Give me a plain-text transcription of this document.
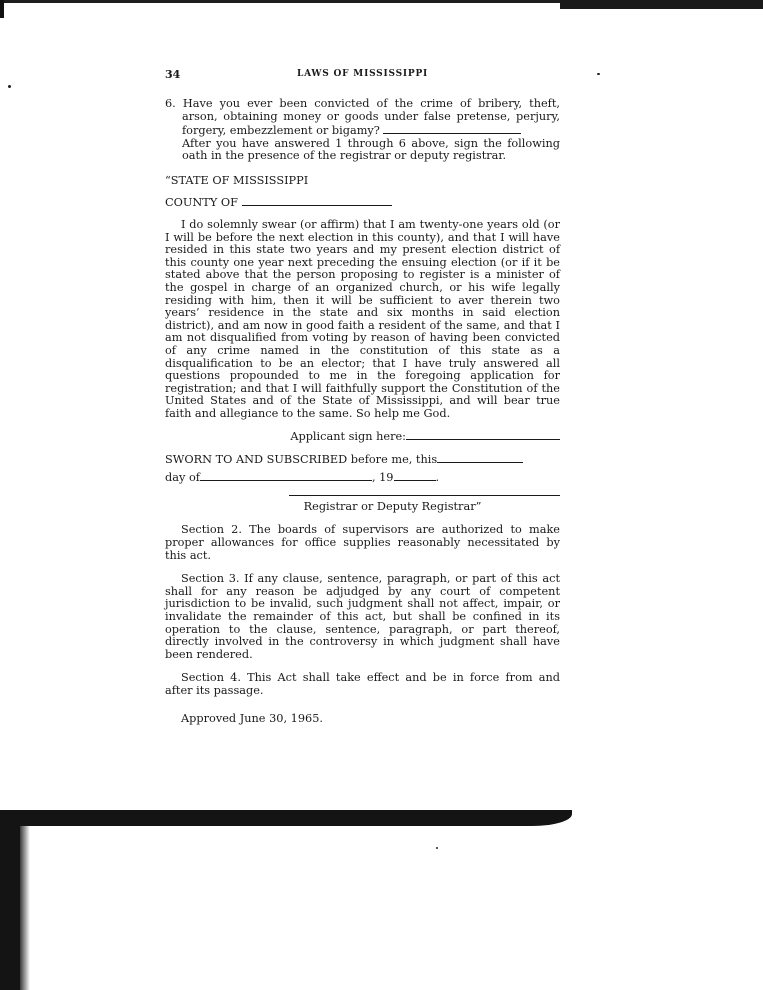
34	LAWS OF MISSISSIPPI

6. Have you ever been convicted of the crime of bribery, theft, arson, obtaining money or goods under false pretense, perjury, forgery, embezzlement or bigamy?

After you have answered 1 through 6 above, sign the following oath in the presence of the registrar or deputy registrar.

“STATE OF MISSISSIPPI

COUNTY OF

I do solemnly swear (or affirm) that I am twenty-one years old (or I will be before the next election in this county), and that I will have resided in this state two years and my present election district of this county one year next preceding the ensuing election (or if it be stated above that the person proposing to register is a minister of the gospel in charge of an organized church, or his wife legally residing with him, then it will be sufficient to aver therein two years’ residence in the state and six months in said election district), and am now in good faith a resident of the same, and that I am not disqualified from voting by reason of having been convicted of any crime named in the constitution of this state as a disqualification to be an elector; that I have truly answered all questions propounded to me in the foregoing application for registration; and that I will faithfully support the Constitution of the United States and of the State of Mississippi, and will bear true faith and allegiance to the same. So help me God.

Applicant sign here:

SWORN TO AND SUBSCRIBED before me, this

day of	, 19	.

Registrar or Deputy Registrar”

Section 2. The boards of supervisors are authorized to make proper allowances for office supplies reasonably necessitated by this act.

Section 3. If any clause, sentence, paragraph, or part of this act shall for any reason be adjudged by any court of competent jurisdiction to be invalid, such judgment shall not affect, impair, or invalidate the remainder of this act, but shall be confined in its operation to the clause, sentence, paragraph, or part thereof, directly involved in the controversy in which judgment shall have been rendered.

Section 4. This Act shall take effect and be in force from and after its passage.

Approved June 30, 1965.
